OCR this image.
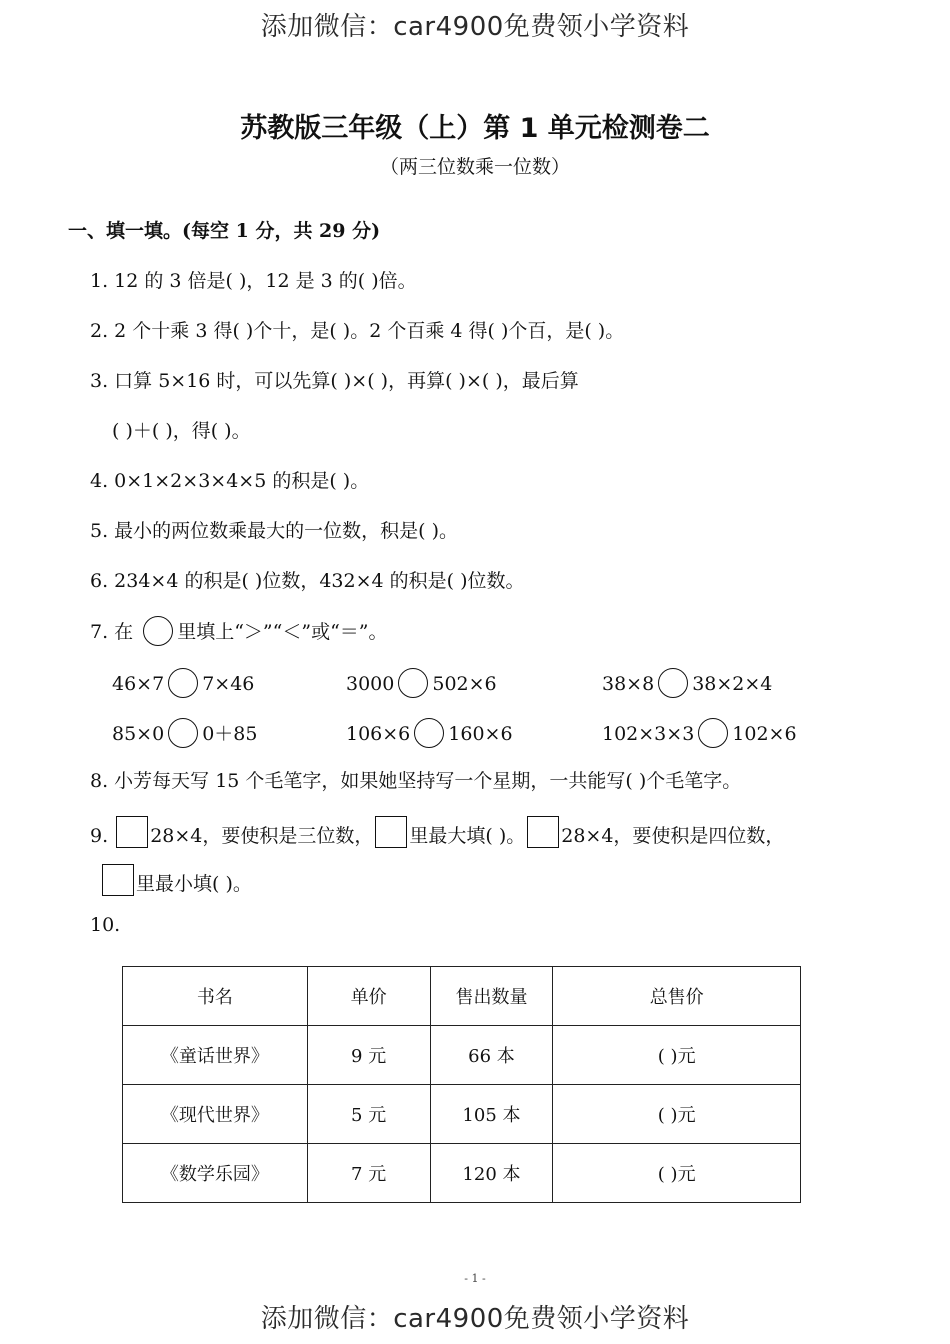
添加微信：car4900免费领小学资料
苏教版三年级（上）第 1 单元检测卷二
（两三位数乘一位数）
一、填一填。(每空 1 分，共 29 分)
1. 12 的 3 倍是( )，12 是 3 的( )倍。
2. 2 个十乘 3 得( )个十，是( )。2 个百乘 4 得( )个百，是( )。
3. 口算 5×16 时，可以先算( )×( )，再算( )×( )，最后算
( )＋( )，得( )。
4. 0×1×2×3×4×5 的积是( )。
5. 最小的两位数乘最大的一位数，积是( )。
6. 234×4 的积是( )位数，432×4 的积是( )位数。
7. 在 里填上“＞”“＜”或“＝”。
46×7 7×46	3000 502×6	38×8 38×2×4
85×0 0＋85	106×6 160×6	102×3×3 102×6
8. 小芳每天写 15 个毛笔字，如果她坚持写一个星期，一共能写( )个毛笔字。
9. 28×4，要使积是三位数， 里最大填( )。 28×4，要使积是四位数，
里最小填( )。
10.
书名	单价	售出数量	总售价
《童话世界》	9 元	66 本	( )元
《现代世界》	5 元	105 本	( )元
《数学乐园》	7 元	120 本	( )元
- 1 -
添加微信：car4900免费领小学资料
